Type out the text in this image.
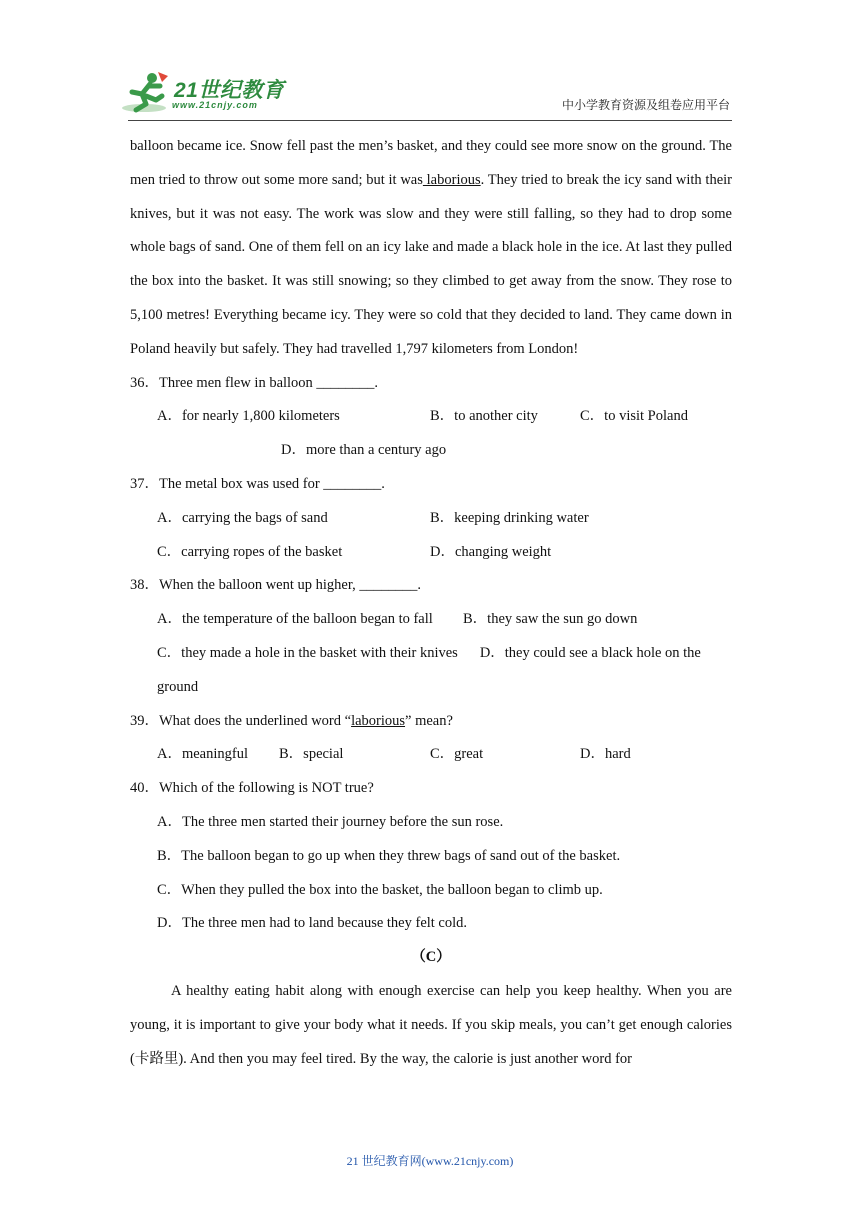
21世纪教育
www.21cnjy.com	中小学教育资源及组卷应用平台

balloon became ice. Snow fell past the men’s basket, and they could see more snow on the ground. The men tried to throw out some more sand; but it was laborious. They tried to break the icy sand with their knives, but it was not easy. The work was slow and they were still falling, so they had to drop some whole bags of sand. One of them fell on an icy lake and made a black hole in the ice. At last they pulled the box into the basket. It was still snowing; so they climbed to get away from the snow. They rose to 5,100 metres! Everything became icy. They were so cold that they decided to land. They came down in Poland heavily but safely. They had travelled 1,797 kilometers from London!

36．Three men flew in balloon ________.

A．for nearly 1,800 kilometers	B．to another city	C．to visit Poland
D．more than a century ago

37．The metal box was used for ________.

A．carrying the bags of sand	B．keeping drinking water
C．carrying ropes of the basket	D．changing weight

38．When the balloon went up higher, ________.

A．the temperature of the balloon began to fall B．they saw the sun go down

C．they made a hole in the basket with their knives D．they could see a black hole on the ground

39．What does the underlined word “laborious” mean?

A．meaningful B．special	C．great	D．hard

40．Which of the following is NOT true?

A．The three men started their journey before the sun rose.

B．The balloon began to go up when they threw bags of sand out of the basket.

C．When they pulled the box into the basket, the balloon began to climb up.

D．The three men had to land because they felt cold.

（C）

A healthy eating habit along with enough exercise can help you keep healthy. When you are young, it is important to give your body what it needs. If you skip meals, you can’t get enough calories (卡路里). And then you may feel tired. By the way, the calorie is just another word for

21 世纪教育网(www.21cnjy.com)
